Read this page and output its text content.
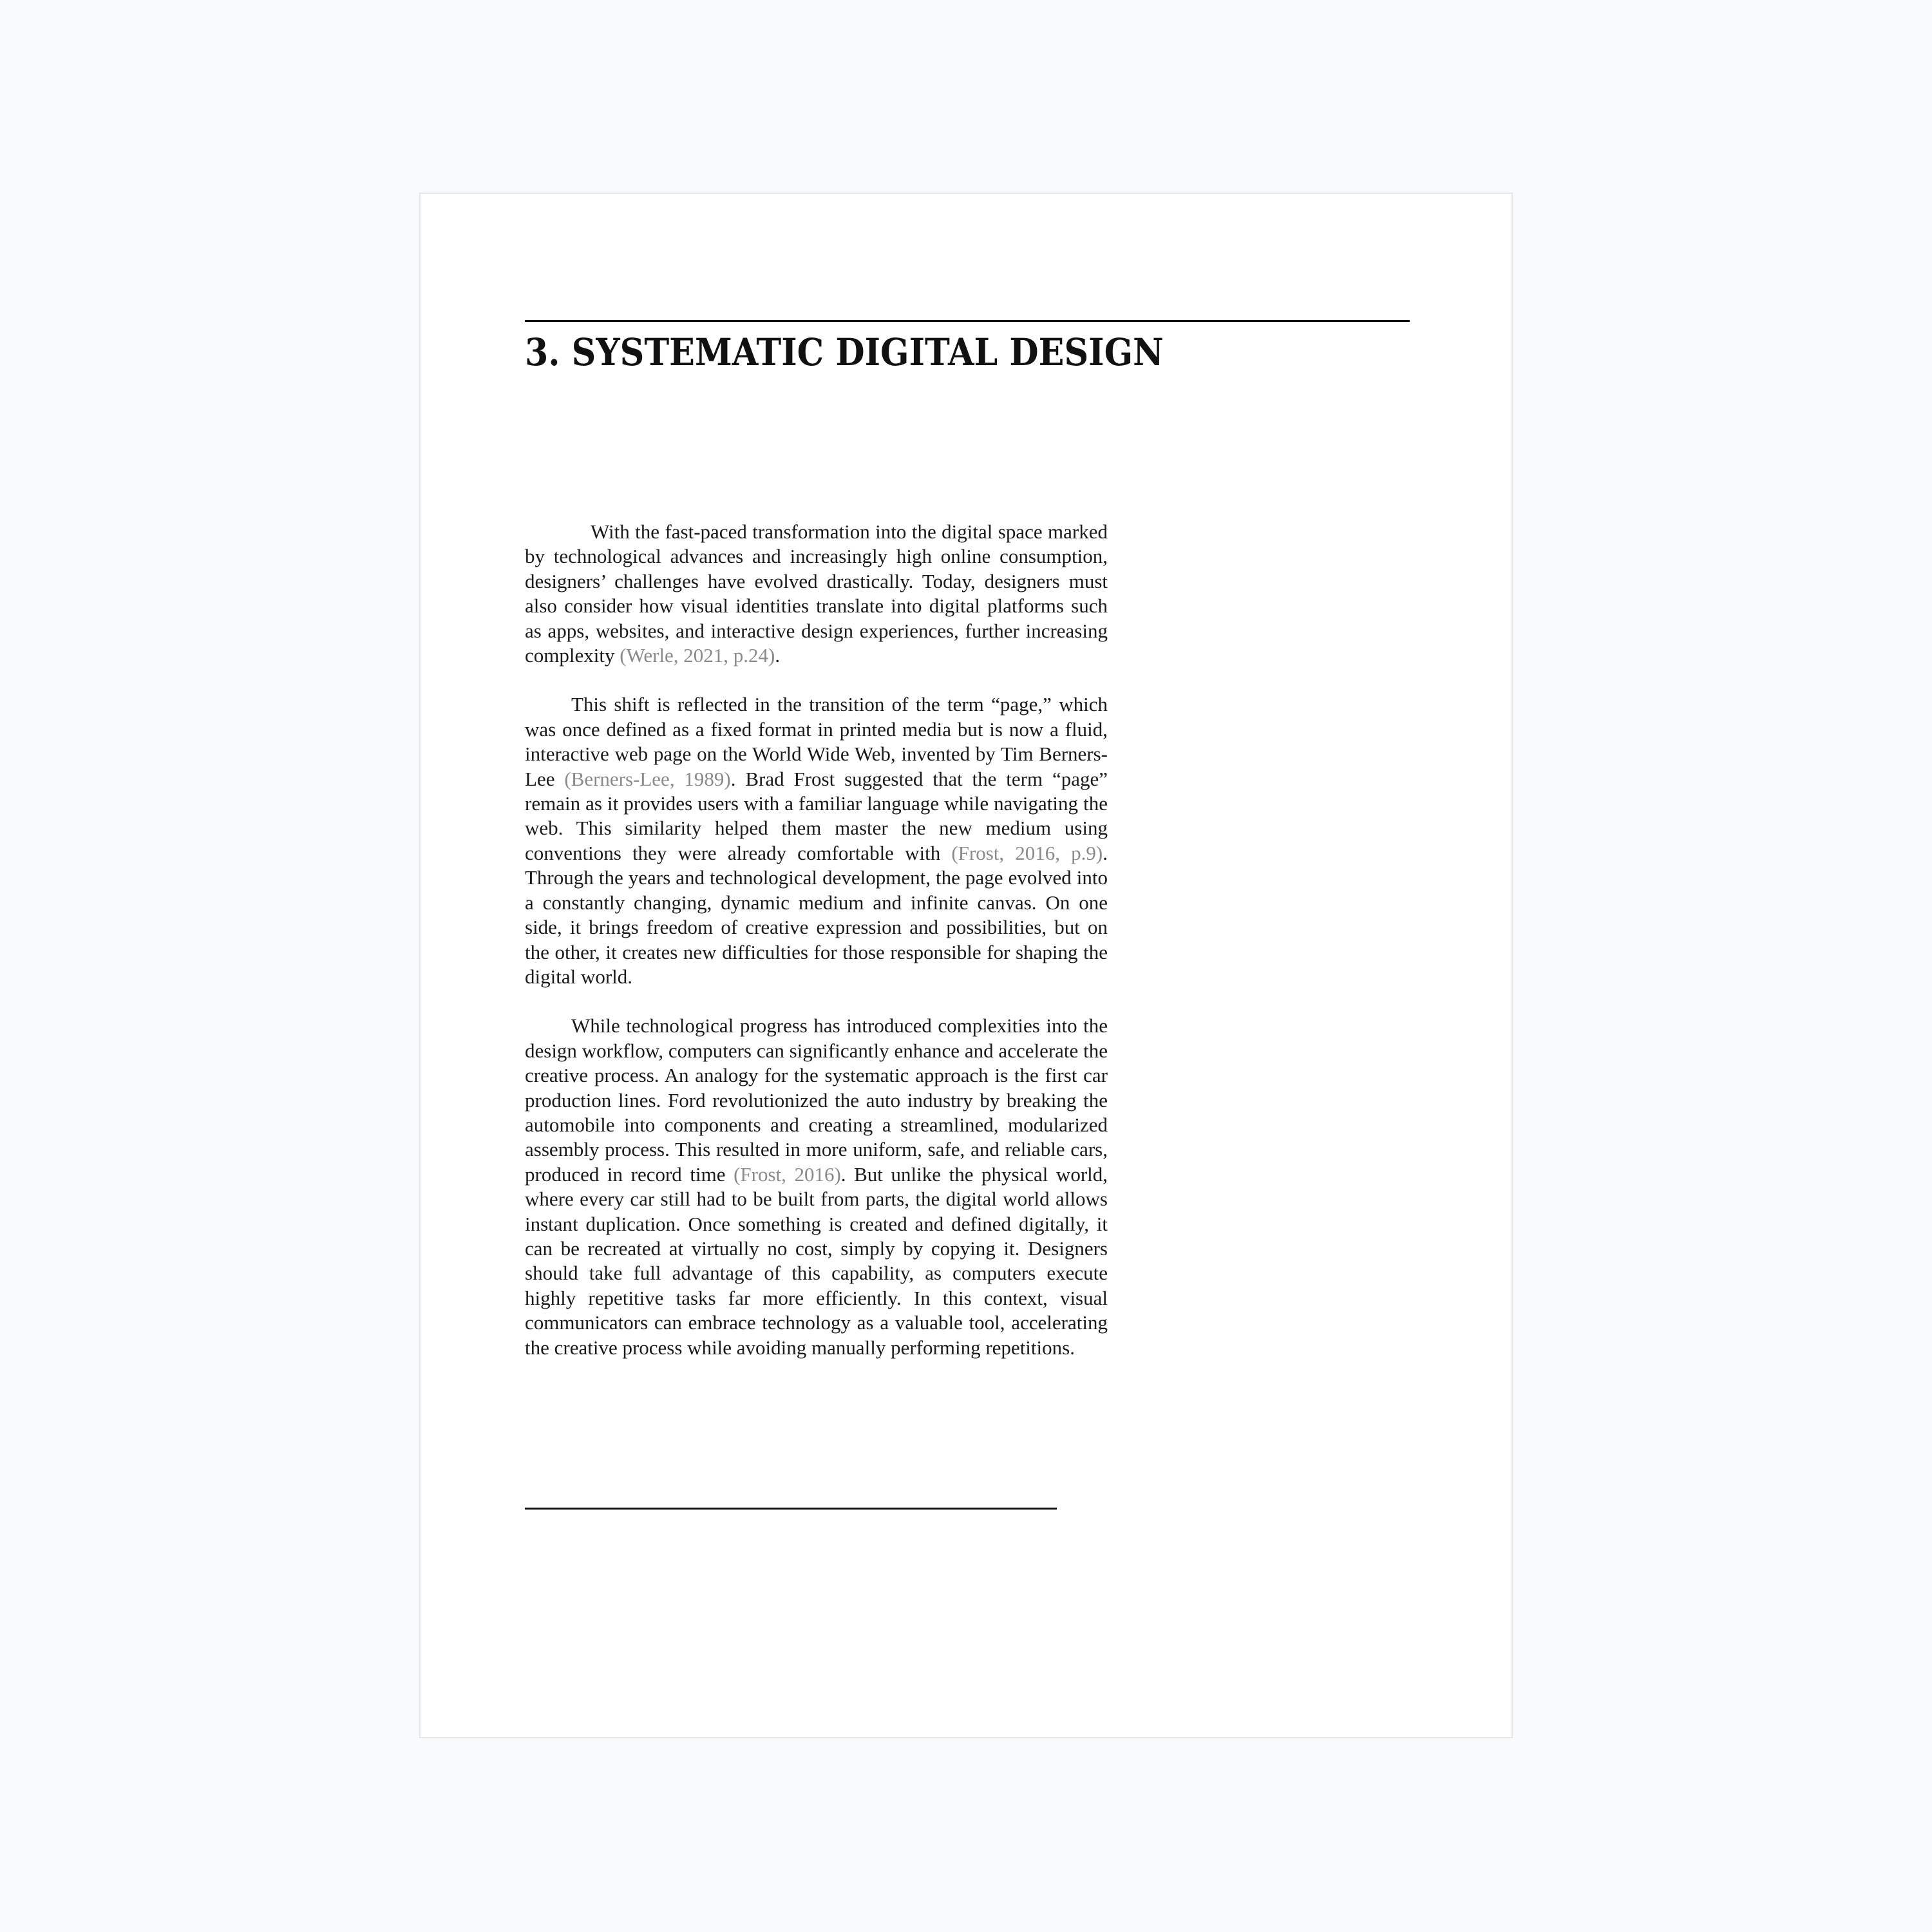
3. SYSTEMATIC DIGITAL DESIGN

With the fast-paced transformation into the digital space marked by technological advances and increasingly high online consumption, designers’ challenges have evolved drastically. Today, designers must also consider how visual identities translate into digital platforms such as apps, websites, and interactive design experiences, further increasing complexity (Werle, 2021, p.24).

This shift is reflected in the transition of the term “page,” which was once defined as a fixed format in printed media but is now a fluid, interactive web page on the World Wide Web, invented by Tim Berners-Lee (Berners-Lee, 1989). Brad Frost suggested that the term “page” remain as it provides users with a familiar language while navigating the web. This similarity helped them master the new medium using conventions they were already comfortable with (Frost, 2016, p.9). Through the years and technological development, the page evolved into a constantly changing, dynamic medium and infinite canvas. On one side, it brings freedom of creative expression and possibilities, but on the other, it creates new difficulties for those responsible for shaping the digital world.

While technological progress has introduced complexities into the design workflow, computers can significantly enhance and accelerate the creative process. An analogy for the systematic approach is the first car production lines. Ford revolutionized the auto industry by breaking the automobile into components and creating a streamlined, modularized assembly process. This resulted in more uniform, safe, and reliable cars, produced in record time (Frost, 2016). But unlike the physical world, where every car still had to be built from parts, the digital world allows instant duplication. Once something is created and defined digitally, it can be recreated at virtually no cost, simply by copying it. Designers should take full advantage of this capability, as computers execute highly repetitive tasks far more efficiently. In this context, visual communicators can embrace technology as a valuable tool, accelerating the creative process while avoiding manually performing repetitions.
